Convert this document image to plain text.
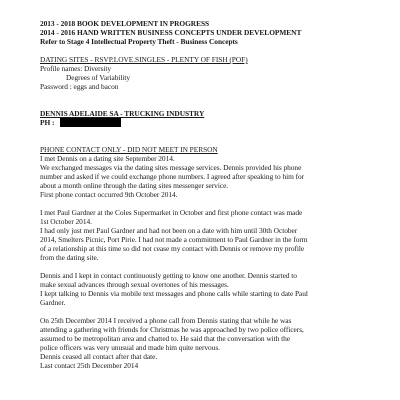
2013 - 2018 BOOK DEVELOPMENT IN PROGRESS
2014 - 2016 HAND WRITTEN BUSINESS CONCEPTS UNDER DEVELOPMENT
Refer to Stage 4 Intellectual Property Theft - Business Concepts
DATING SITES - RSVP.LOVE.SINGLES - PLENTY OF FISH (POF)
Profile names: Diversity
Degrees of Variability
Password : eggs and bacon
DENNIS ADELAIDE SA - TRUCKING INDUSTRY
PH :
PHONE CONTACT ONLY - DID NOT MEET IN PERSON
I met Dennis on a dating site September 2014.
We exchanged messages via the dating sites message services. Dennis provided his phone
number and asked if we could exchange phone numbers. I agreed after speaking to him for
about a month online through the dating sites messenger service.
First phone contact occurred 9th October 2014.
I met Paul Gardner at the Coles Supermarket in October and first phone contact was made
1st October 2014.
I had only just met Paul Gardner and had not been on a date with him until 30th October
2014, Smelters Picnic, Port Pirie. I had not made a commitment to Paul Gardner in the form
of a relationship at this time so did not cease my contact with Dennis or remove my profile
from the dating site.
Dennis and I kept in contact continuously getting to know one another. Dennis started to
make sexual advances through sexual overtones of his messages.
I kept talking to Dennis via mobile text messages and phone calls while starting to date Paul
Gardner.
On 25th December 2014 I received a phone call from Dennis stating that while he was
attending a gathering with friends for Christmas he was approached by two police officers,
assumed to be metropolitan area and chatted to. He said that the conversation with the
police officers was very unusual and made him quite nervous.
Dennis ceased all contact after that date.
Last contact 25th December 2014
